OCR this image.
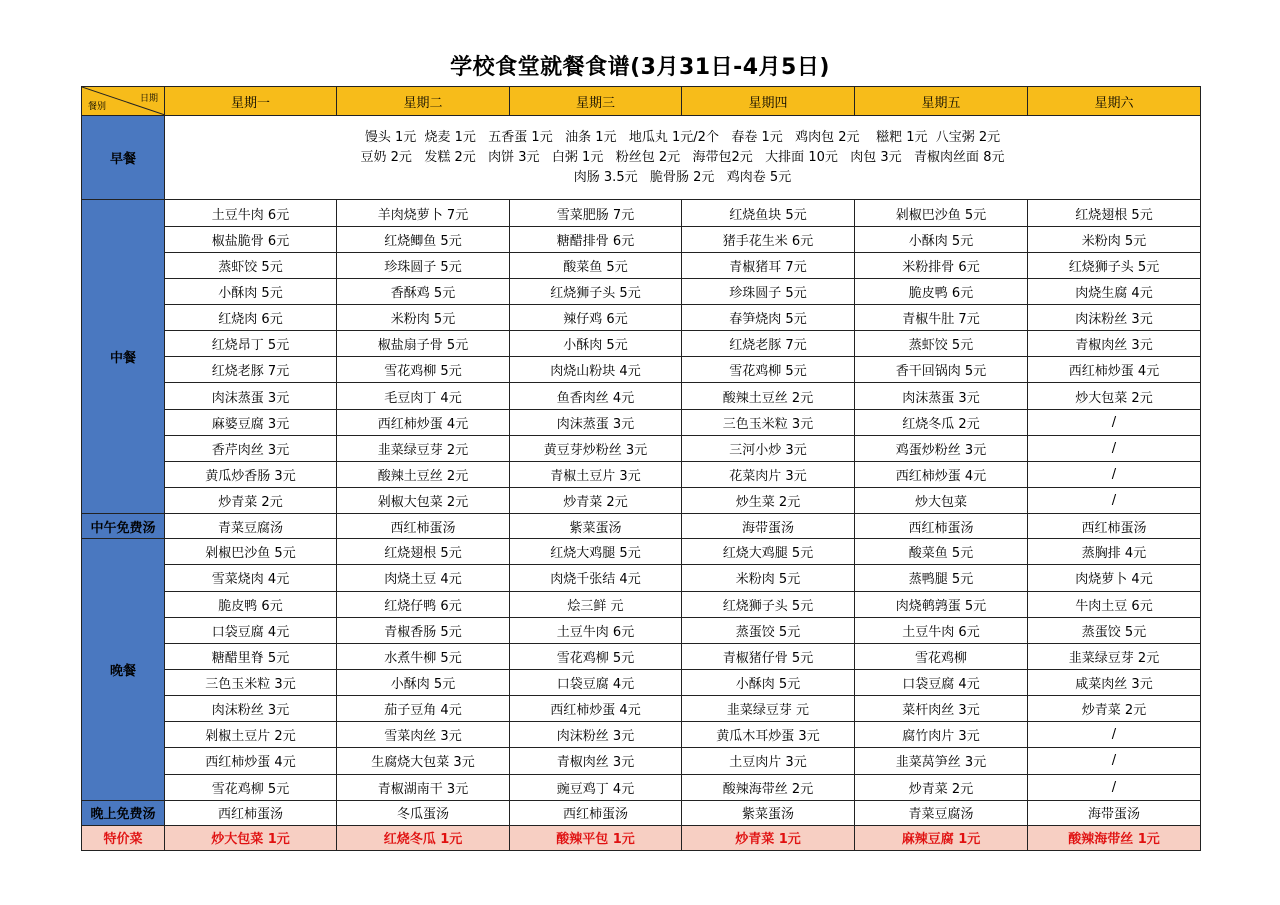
学校食堂就餐食谱(3月31日-4月5日)
餐别
日期	星期一	星期二	星期三	星期四	星期五	星期六
早餐	馒头 1元  烧麦 1元   五香蛋 1元   油条 1元   地瓜丸 1元/2个   春卷 1元   鸡肉包 2元    糍粑 1元  八宝粥 2元
豆奶 2元   发糕 2元   肉饼 3元   白粥 1元   粉丝包 2元   海带包2元   大排面 10元   肉包 3元   青椒肉丝面 8元
肉肠 3.5元   脆骨肠 2元   鸡肉卷 5元					

中餐	土豆牛肉 6元	羊肉烧萝卜 7元	雪菜肥肠 7元	红烧鱼块 5元	剁椒巴沙鱼 5元	红烧翅根 5元
	椒盐脆骨 6元	红烧鲫鱼 5元	糖醋排骨 6元	猪手花生米 6元	小酥肉 5元	米粉肉 5元
	蒸虾饺 5元	珍珠圆子 5元	酸菜鱼 5元	青椒猪耳 7元	米粉排骨 6元	红烧狮子头 5元
	小酥肉 5元	香酥鸡 5元	红烧狮子头 5元	珍珠圆子 5元	脆皮鸭 6元	肉烧生腐 4元
	红烧肉 6元	米粉肉 5元	辣仔鸡 6元	春笋烧肉 5元	青椒牛肚 7元	肉沫粉丝 3元
	红烧昂丁 5元	椒盐扇子骨 5元	小酥肉 5元	红烧老豚 7元	蒸虾饺 5元	青椒肉丝 3元
	红烧老豚 7元	雪花鸡柳 5元	肉烧山粉块 4元	雪花鸡柳 5元	香干回锅肉 5元	西红柿炒蛋 4元
	肉沫蒸蛋 3元	毛豆肉丁 4元	鱼香肉丝 4元	酸辣土豆丝 2元	肉沫蒸蛋 3元	炒大包菜 2元
	麻婆豆腐 3元	西红柿炒蛋 4元	肉沫蒸蛋 3元	三色玉米粒 3元	红烧冬瓜 2元	/
	香芹肉丝 3元	韭菜绿豆芽 2元	黄豆芽炒粉丝 3元	三河小炒 3元	鸡蛋炒粉丝 3元	/
	黄瓜炒香肠 3元	酸辣土豆丝 2元	青椒土豆片 3元	花菜肉片 3元	西红柿炒蛋 4元	/
	炒青菜 2元	剁椒大包菜 2元	炒青菜 2元	炒生菜 2元	炒大包菜	/
中午免费汤	青菜豆腐汤	西红柿蛋汤	紫菜蛋汤	海带蛋汤	西红柿蛋汤	西红柿蛋汤
晚餐	剁椒巴沙鱼 5元	红烧翅根 5元	红烧大鸡腿 5元	红烧大鸡腿 5元	酸菜鱼 5元	蒸胸排 4元
	雪菜烧肉 4元	肉烧土豆 4元	肉烧千张结 4元	米粉肉 5元	蒸鸭腿 5元	肉烧萝卜 4元
	脆皮鸭 6元	红烧仔鸭 6元	烩三鲜 元	红烧狮子头 5元	肉烧鹌鹑蛋 5元	牛肉土豆 6元
	口袋豆腐 4元	青椒香肠 5元	土豆牛肉 6元	蒸蛋饺 5元	土豆牛肉 6元	蒸蛋饺 5元
	糖醋里脊 5元	水煮牛柳 5元	雪花鸡柳 5元	青椒猪仔骨 5元	雪花鸡柳	韭菜绿豆芽 2元
	三色玉米粒 3元	小酥肉 5元	口袋豆腐 4元	小酥肉 5元	口袋豆腐 4元	咸菜肉丝 3元
	肉沫粉丝 3元	茄子豆角 4元	西红柿炒蛋 4元	韭菜绿豆芽 元	菜杆肉丝 3元	炒青菜 2元
	剁椒土豆片 2元	雪菜肉丝 3元	肉沫粉丝 3元	黄瓜木耳炒蛋 3元	腐竹肉片 3元	/
	西红柿炒蛋 4元	生腐烧大包菜 3元	青椒肉丝 3元	土豆肉片 3元	韭菜莴笋丝 3元	/
	雪花鸡柳 5元	青椒湖南干 3元	豌豆鸡丁 4元	酸辣海带丝 2元	炒青菜 2元	/
晚上免费汤	西红柿蛋汤	冬瓜蛋汤	西红柿蛋汤	紫菜蛋汤	青菜豆腐汤	海带蛋汤
特价菜	炒大包菜 1元	红烧冬瓜 1元	酸辣平包 1元	炒青菜 1元	麻辣豆腐 1元	酸辣海带丝 1元
